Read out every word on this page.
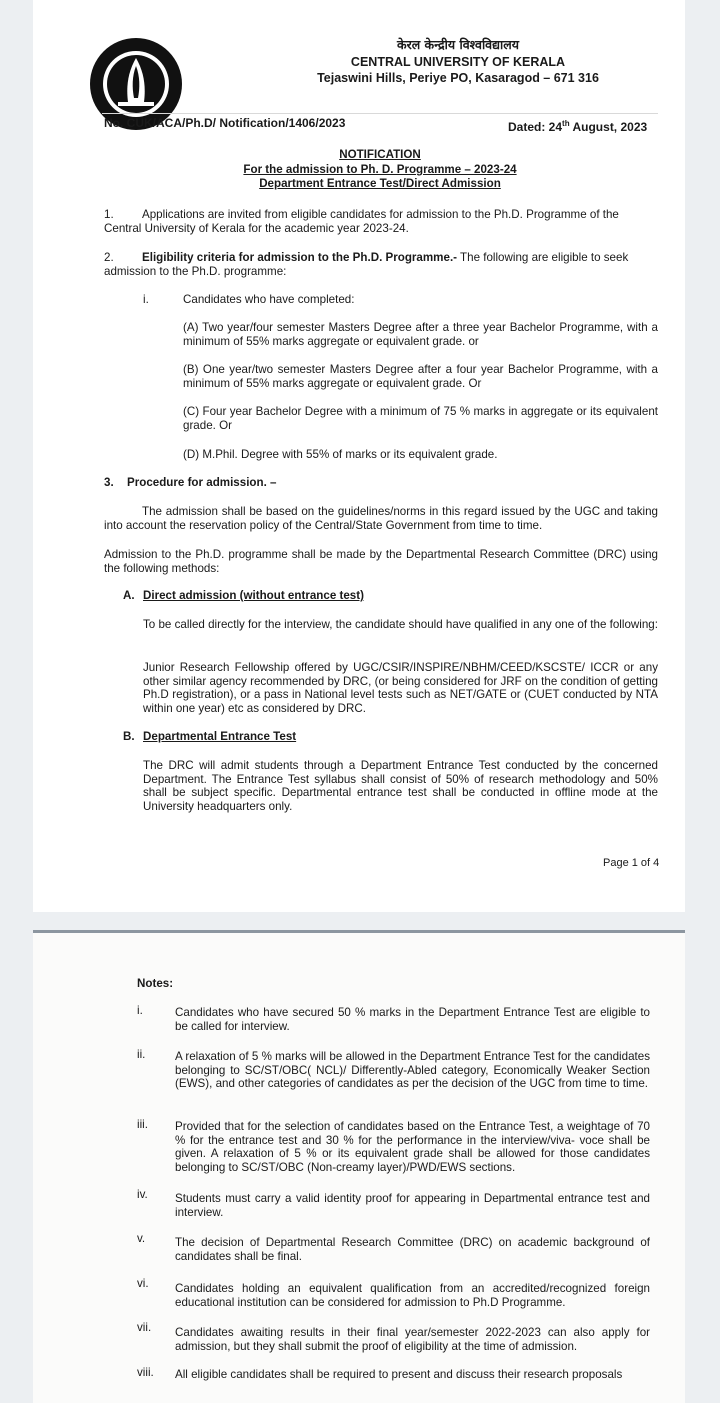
केरल केन्द्रीय विश्वविद्यालय
CENTRAL UNIVERSITY OF KERALA
Tejaswini Hills, Periye PO, Kasaragod – 671 316
No. CUK/ACA/Ph.D/ Notification/1406/2023	Dated: 24th August, 2023
NOTIFICATION
For the admission to Ph. D. Programme – 2023-24
Department Entrance Test/Direct Admission
1. Applications are invited from eligible candidates for admission to the Ph.D. Programme of the
Central University of Kerala for the academic year 2023-24.
2. Eligibility criteria for admission to the Ph.D. Programme.- The following are eligible to seek
admission to the Ph.D. programme:
i.	Candidates who have completed:
(A) Two year/four semester Masters Degree after a three year Bachelor Programme, with a minimum of 55% marks aggregate or equivalent grade. or
(B) One year/two semester Masters Degree after a four year Bachelor Programme, with a minimum of 55% marks aggregate or equivalent grade. Or
(C) Four year Bachelor Degree with a minimum of 75 % marks in aggregate or its equivalent grade. Or
(D) M.Phil. Degree with 55% of marks or its equivalent grade.
3. Procedure for admission. –
The admission shall be based on the guidelines/norms in this regard issued by the UGC and taking into account the reservation policy of the Central/State Government from time to time.
Admission to the Ph.D. programme shall be made by the Departmental Research Committee (DRC) using the following methods:
A. Direct admission (without entrance test)
To be called directly for the interview, the candidate should have qualified in any one of the following:
Junior Research Fellowship offered by UGC/CSIR/INSPIRE/NBHM/CEED/KSCSTE/ ICCR or any other similar agency recommended by DRC, (or being considered for JRF on the condition of getting Ph.D registration), or a pass in National level tests such as NET/GATE or (CUET conducted by NTA within one year) etc as considered by DRC.
B. Departmental Entrance Test
The DRC will admit students through a Department Entrance Test conducted by the concerned Department. The Entrance Test syllabus shall consist of 50% of research methodology and 50% shall be subject specific. Departmental entrance test shall be conducted in offline mode at the University headquarters only.
Page 1 of 4
Notes:
i.	Candidates who have secured 50 % marks in the Department Entrance Test are eligible to be called for interview.
ii.	A relaxation of 5 % marks will be allowed in the Department Entrance Test for the candidates belonging to SC/ST/OBC( NCL)/ Differently-Abled category, Economically Weaker Section (EWS), and other categories of candidates as per the decision of the UGC from time to time.
iii. Provided that for the selection of candidates based on the Entrance Test, a weightage of 70 % for the entrance test and 30 % for the performance in the interview/viva- voce shall be given. A relaxation of 5 % or its equivalent grade shall be allowed for those candidates belonging to SC/ST/OBC (Non-creamy layer)/PWD/EWS sections.
iv. Students must carry a valid identity proof for appearing in Departmental entrance test and interview.
v.	The decision of Departmental Research Committee (DRC) on academic background of candidates shall be final.
vi. Candidates holding an equivalent qualification from an accredited/recognized foreign educational institution can be considered for admission to Ph.D Programme.
vii. Candidates awaiting results in their final year/semester 2022-2023 can also apply for admission, but they shall submit the proof of eligibility at the time of admission.
viii. All eligible candidates shall be required to present and discuss their research proposals
